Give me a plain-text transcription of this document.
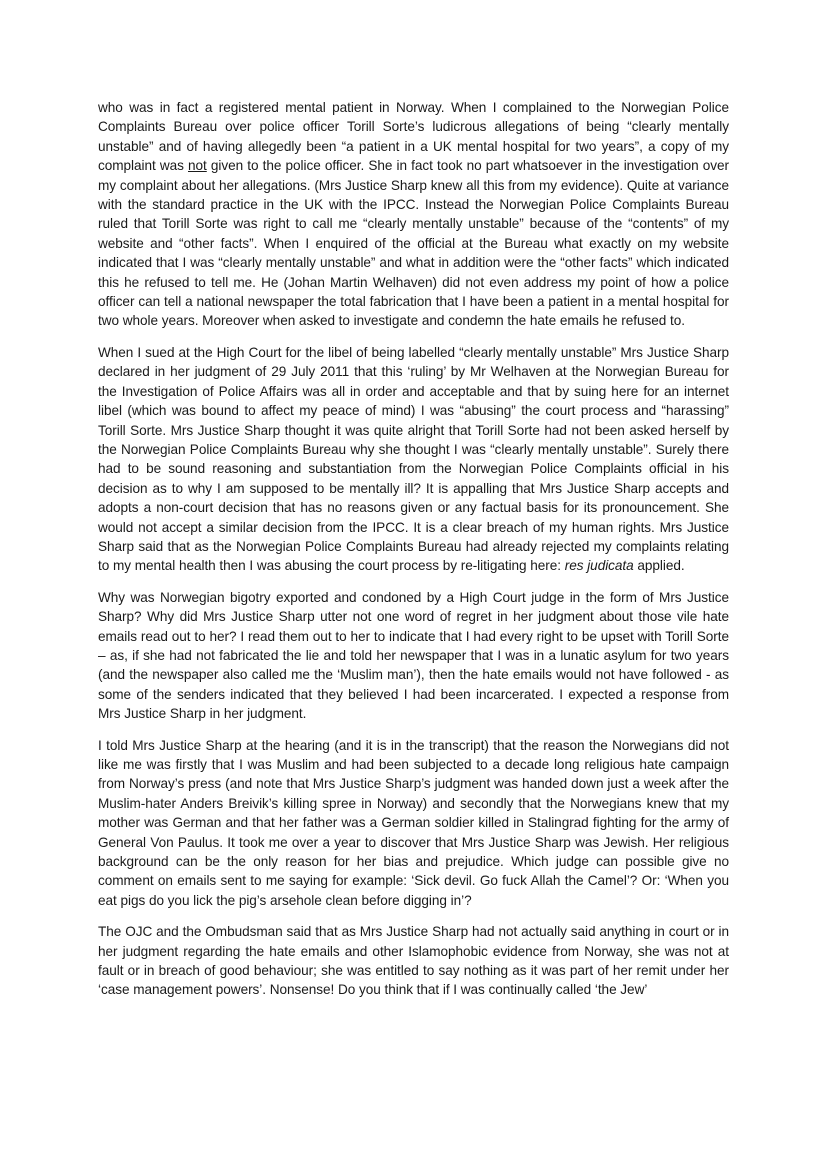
who was in fact a registered mental patient in Norway. When I complained to the Norwegian Police Complaints Bureau over police officer Torill Sorte’s ludicrous allegations of being “clearly mentally unstable” and of having allegedly been “a patient in a UK mental hospital for two years”, a copy of my complaint was not given to the police officer. She in fact took no part whatsoever in the investigation over my complaint about her allegations. (Mrs Justice Sharp knew all this from my evidence). Quite at variance with the standard practice in the UK with the IPCC. Instead the Norwegian Police Complaints Bureau ruled that Torill Sorte was right to call me “clearly mentally unstable” because of the “contents” of my website and “other facts”. When I enquired of the official at the Bureau what exactly on my website indicated that I was “clearly mentally unstable” and what in addition were the “other facts” which indicated this he refused to tell me. He (Johan Martin Welhaven) did not even address my point of how a police officer can tell a national newspaper the total fabrication that I have been a patient in a mental hospital for two whole years. Moreover when asked to investigate and condemn the hate emails he refused to.

When I sued at the High Court for the libel of being labelled “clearly mentally unstable” Mrs Justice Sharp declared in her judgment of 29 July 2011 that this ‘ruling’ by Mr Welhaven at the Norwegian Bureau for the Investigation of Police Affairs was all in order and acceptable and that by suing here for an internet libel (which was bound to affect my peace of mind) I was “abusing” the court process and “harassing” Torill Sorte. Mrs Justice Sharp thought it was quite alright that Torill Sorte had not been asked herself by the Norwegian Police Complaints Bureau why she thought I was “clearly mentally unstable”. Surely there had to be sound reasoning and substantiation from the Norwegian Police Complaints official in his decision as to why I am supposed to be mentally ill? It is appalling that Mrs Justice Sharp accepts and adopts a non-court decision that has no reasons given or any factual basis for its pronouncement. She would not accept a similar decision from the IPCC. It is a clear breach of my human rights. Mrs Justice Sharp said that as the Norwegian Police Complaints Bureau had already rejected my complaints relating to my mental health then I was abusing the court process by re-litigating here: res judicata applied.

Why was Norwegian bigotry exported and condoned by a High Court judge in the form of Mrs Justice Sharp? Why did Mrs Justice Sharp utter not one word of regret in her judgment about those vile hate emails read out to her? I read them out to her to indicate that I had every right to be upset with Torill Sorte – as, if she had not fabricated the lie and told her newspaper that I was in a lunatic asylum for two years (and the newspaper also called me the ‘Muslim man’), then the hate emails would not have followed - as some of the senders indicated that they believed I had been incarcerated. I expected a response from Mrs Justice Sharp in her judgment.

I told Mrs Justice Sharp at the hearing (and it is in the transcript) that the reason the Norwegians did not like me was firstly that I was Muslim and had been subjected to a decade long religious hate campaign from Norway’s press (and note that Mrs Justice Sharp’s judgment was handed down just a week after the Muslim-hater Anders Breivik’s killing spree in Norway) and secondly that the Norwegians knew that my mother was German and that her father was a German soldier killed in Stalingrad fighting for the army of General Von Paulus. It took me over a year to discover that Mrs Justice Sharp was Jewish. Her religious background can be the only reason for her bias and prejudice. Which judge can possible give no comment on emails sent to me saying for example: ‘Sick devil. Go fuck Allah the Camel’? Or: ‘When you eat pigs do you lick the pig’s arsehole clean before digging in’?

The OJC and the Ombudsman said that as Mrs Justice Sharp had not actually said anything in court or in her judgment regarding the hate emails and other Islamophobic evidence from Norway, she was not at fault or in breach of good behaviour; she was entitled to say nothing as it was part of her remit under her ‘case management powers’. Nonsense! Do you think that if I was continually called ‘the Jew’
